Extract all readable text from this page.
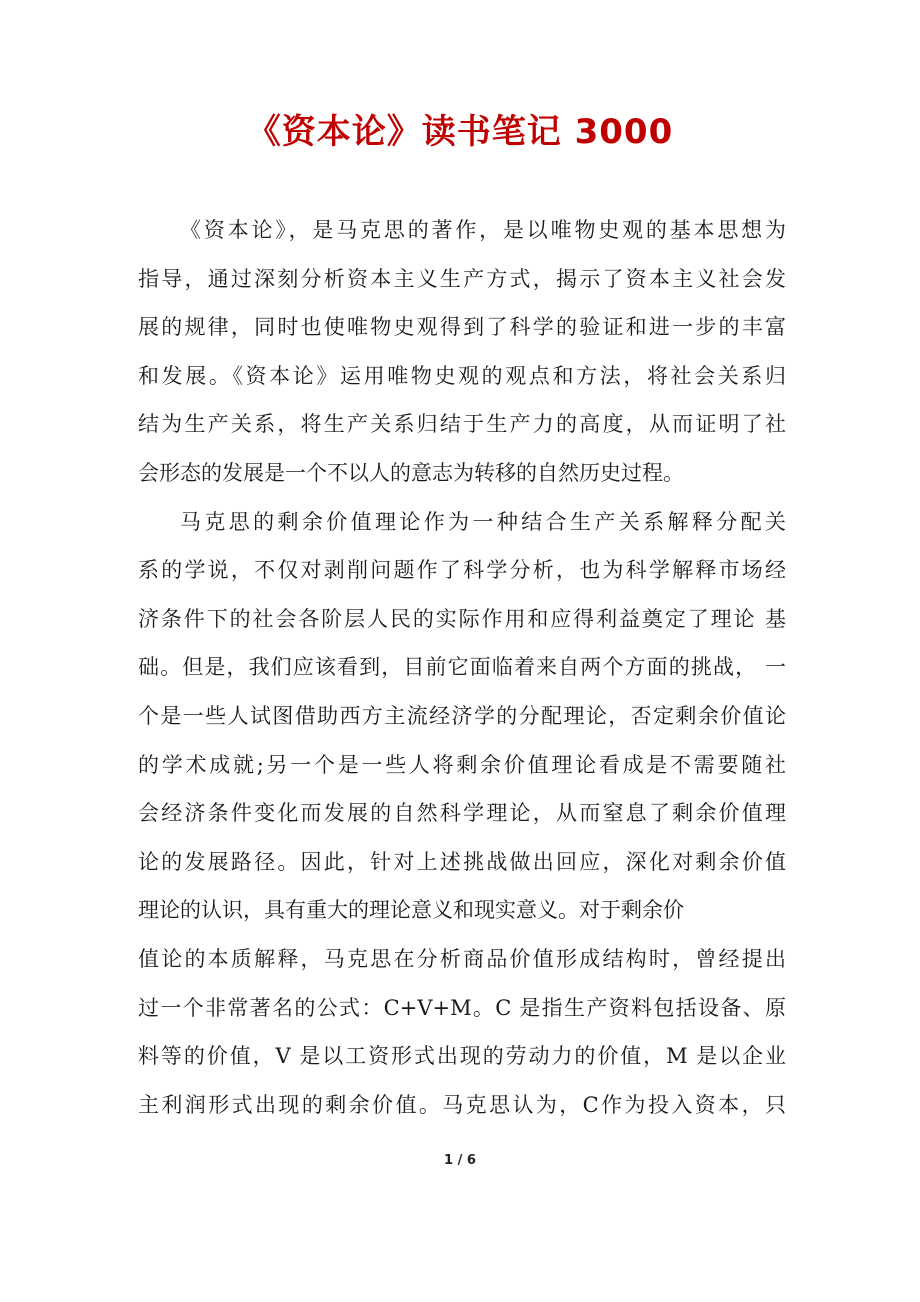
《资本论》读书笔记 3000
《资本论》，是马克思的著作，是以唯物史观的基本思想为
指导，通过深刻分析资本主义生产方式，揭示了资本主义社会发
展的规律，同时也使唯物史观得到了科学的验证和进一步的丰富
和发展。《资本论》运用唯物史观的观点和方法，将社会关系归
结为生产关系，将生产关系归结于生产力的高度，从而证明了社
会形态的发展是一个不以人的意志为转移的自然历史过程。
马克思的剩余价值理论作为一种结合生产关系解释分配关
系的学说，不仅对剥削问题作了科学分析，也为科学解释市场经
济条件下的社会各阶层人民的实际作用和应得利益奠定了理论 基
础。但是，我们应该看到，目前它面临着来自两个方面的挑战， 一
个是一些人试图借助西方主流经济学的分配理论，否定剩余价值论
的学术成就;另一个是一些人将剩余价值理论看成是不需要随社
会经济条件变化而发展的自然科学理论，从而窒息了剩余价值理
论的发展路径。因此，针对上述挑战做出回应，深化对剩余价值
理论的认识，具有重大的理论意义和现实意义。对于剩余价
值论的本质解释，马克思在分析商品价值形成结构时，曾经提出
过一个非常著名的公式：C+V+M。C 是指生产资料包括设备、原
料等的价值，V 是以工资形式出现的劳动力的价值，M 是以企业
主利润形式出现的剩余价值。马克思认为，C作为投入资本，只
1 / 6
